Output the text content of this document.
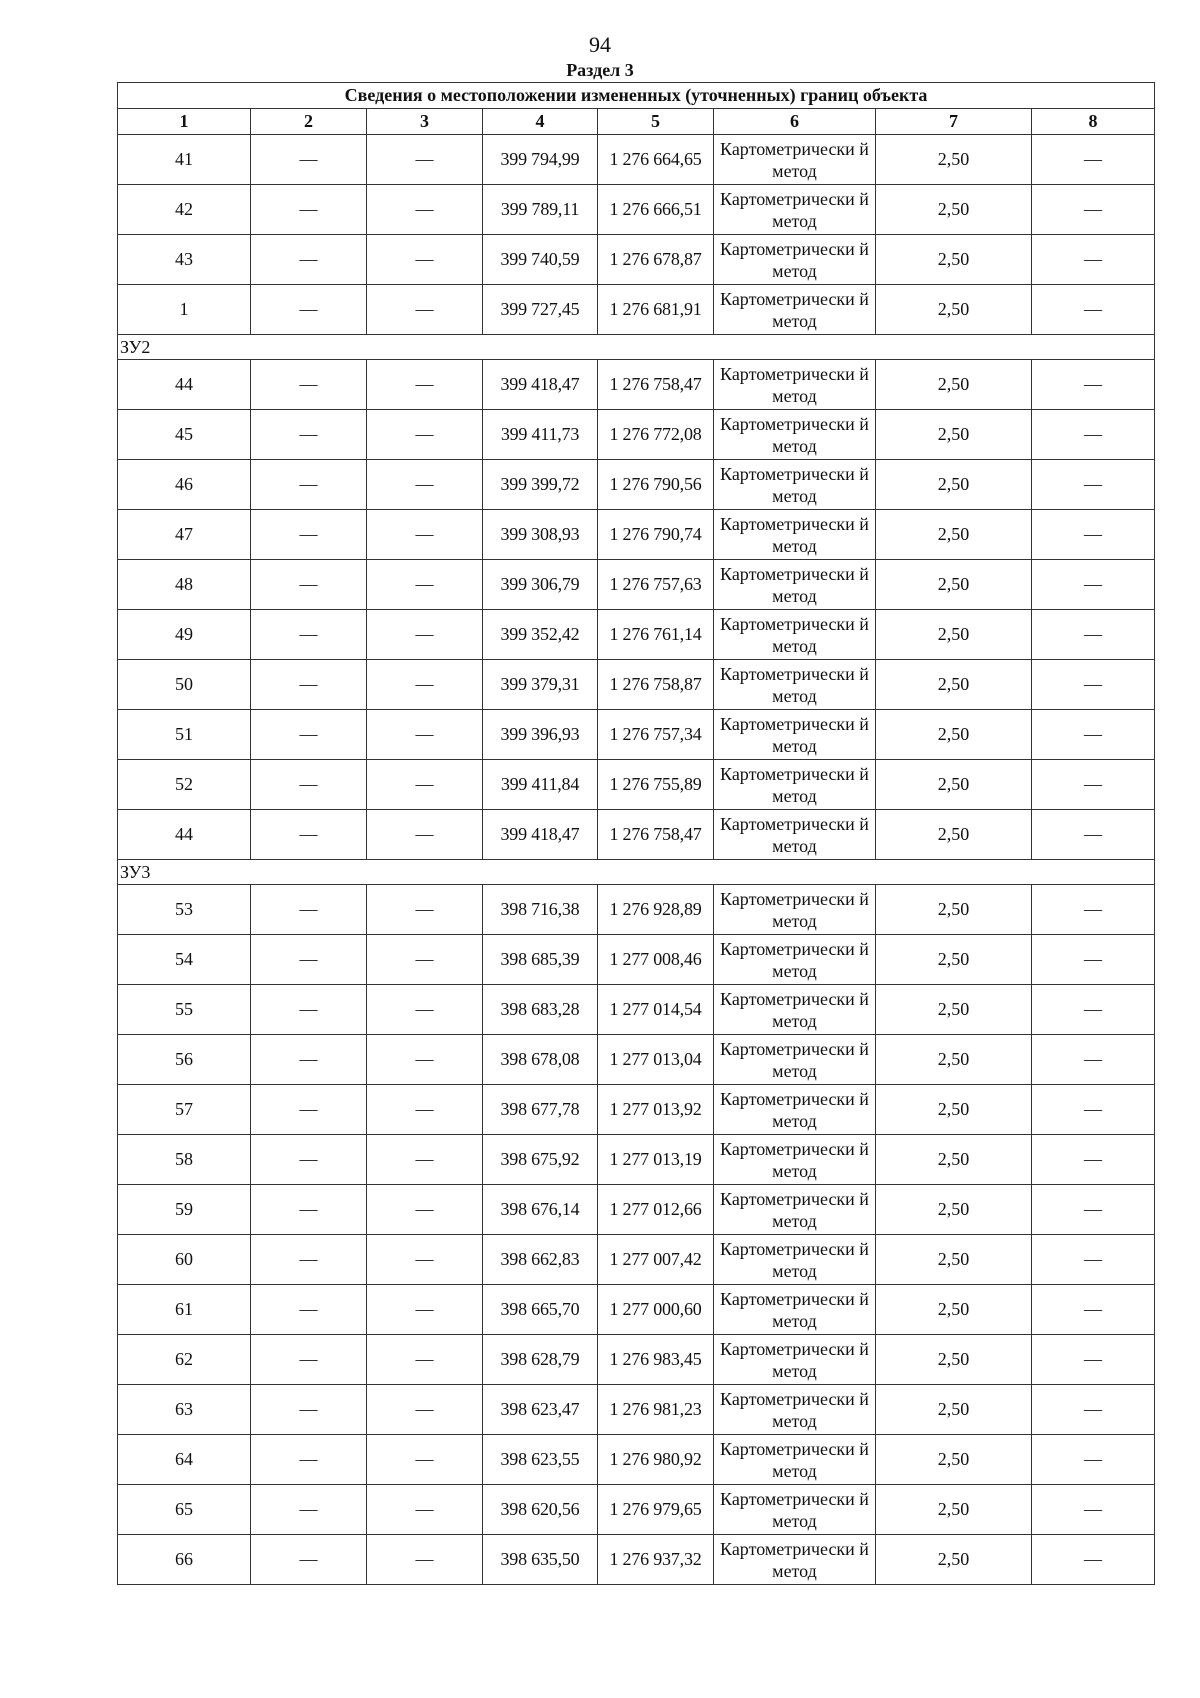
94
Раздел 3
Сведения о местоположении измененных (уточненных) границ объекта							
1	2	3	4	5	6	7	8
41	—	—	399 794,99	1 276 664,65	Картометрически й метод	2,50	—
42	—	—	399 789,11	1 276 666,51	Картометрически й метод	2,50	—
43	—	—	399 740,59	1 276 678,87	Картометрически й метод	2,50	—
1	—	—	399 727,45	1 276 681,91	Картометрически й метод	2,50	—
ЗУ2							
44	—	—	399 418,47	1 276 758,47	Картометрически й метод	2,50	—
45	—	—	399 411,73	1 276 772,08	Картометрически й метод	2,50	—
46	—	—	399 399,72	1 276 790,56	Картометрически й метод	2,50	—
47	—	—	399 308,93	1 276 790,74	Картометрически й метод	2,50	—
48	—	—	399 306,79	1 276 757,63	Картометрически й метод	2,50	—
49	—	—	399 352,42	1 276 761,14	Картометрически й метод	2,50	—
50	—	—	399 379,31	1 276 758,87	Картометрически й метод	2,50	—
51	—	—	399 396,93	1 276 757,34	Картометрически й метод	2,50	—
52	—	—	399 411,84	1 276 755,89	Картометрически й метод	2,50	—
44	—	—	399 418,47	1 276 758,47	Картометрически й метод	2,50	—
ЗУ3							
53	—	—	398 716,38	1 276 928,89	Картометрически й метод	2,50	—
54	—	—	398 685,39	1 277 008,46	Картометрически й метод	2,50	—
55	—	—	398 683,28	1 277 014,54	Картометрически й метод	2,50	—
56	—	—	398 678,08	1 277 013,04	Картометрически й метод	2,50	—
57	—	—	398 677,78	1 277 013,92	Картометрически й метод	2,50	—
58	—	—	398 675,92	1 277 013,19	Картометрически й метод	2,50	—
59	—	—	398 676,14	1 277 012,66	Картометрически й метод	2,50	—
60	—	—	398 662,83	1 277 007,42	Картометрически й метод	2,50	—
61	—	—	398 665,70	1 277 000,60	Картометрически й метод	2,50	—
62	—	—	398 628,79	1 276 983,45	Картометрически й метод	2,50	—
63	—	—	398 623,47	1 276 981,23	Картометрически й метод	2,50	—
64	—	—	398 623,55	1 276 980,92	Картометрически й метод	2,50	—
65	—	—	398 620,56	1 276 979,65	Картометрически й метод	2,50	—
66	—	—	398 635,50	1 276 937,32	Картометрически й метод	2,50	—
